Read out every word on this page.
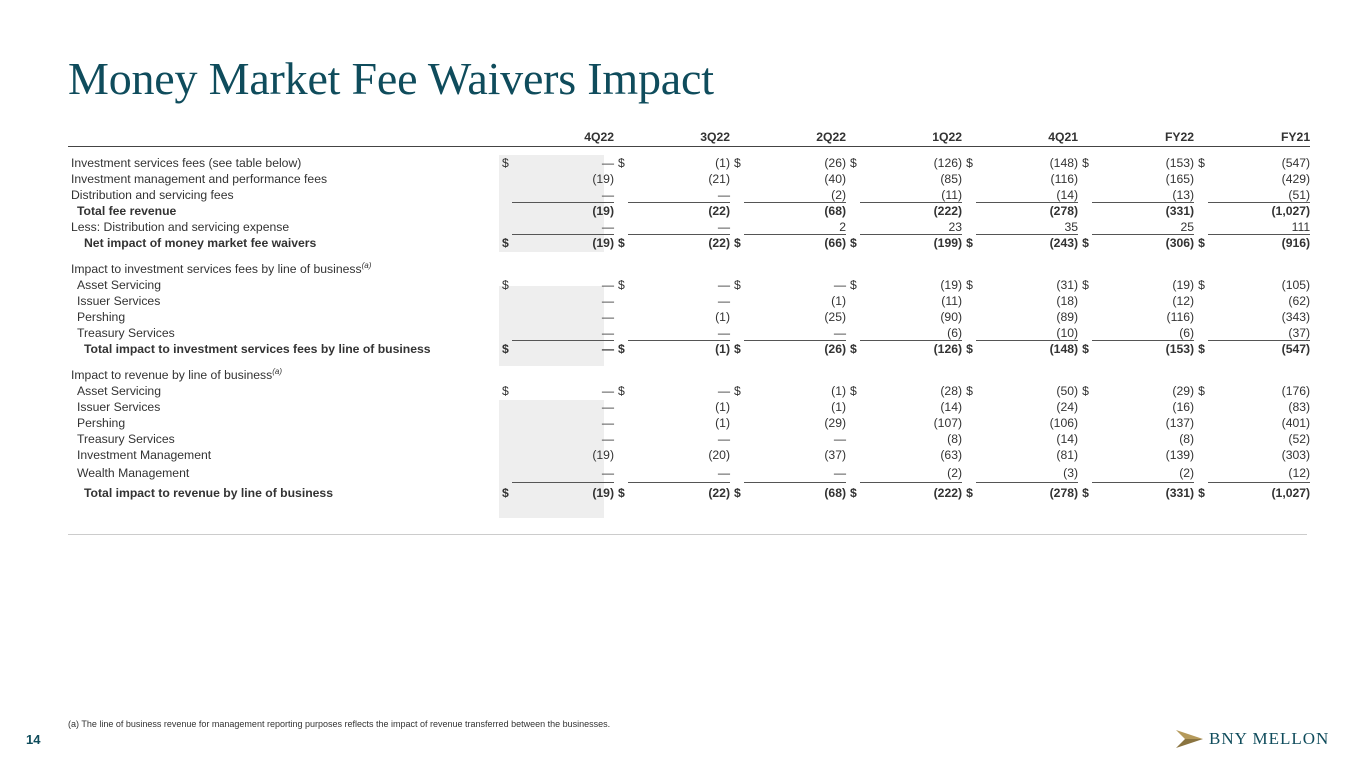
Money Market Fee Waivers Impact
	4Q22		3Q22		2Q22		1Q22		4Q21		FY22		FY21	

Investment services fees (see table below)	$	—	$	(1)	$	(26)	$	(126)	$	(148)	$	(153)	$	(547)
Investment management and performance fees		(19)		(21)		(40)		(85)		(116)		(165)		(429)
Distribution and servicing fees		—		—		(2)		(11)		(14)		(13)		(51)
Total fee revenue		(19)		(22)		(68)		(222)		(278)		(331)		(1,027)
Less: Distribution and servicing expense		—		—		2		23		35		25		111
Net impact of money market fee waivers	$	(19)	$	(22)	$	(66)	$	(199)	$	(243)	$	(306)	$	(916)

Impact to investment services fees by line of business$^{(a)}$
Asset Servicing	$	—	$	—	$	—	$	(19)	$	(31)	$	(19)	$	(105)
Issuer Services		—		—		(1)		(11)		(18)		(12)		(62)
Pershing		—		(1)		(25)		(90)		(89)		(116)		(343)
Treasury Services		—		—		—		(6)		(10)		(6)		(37)
Total impact to investment services fees by line of business	$	—	$	(1)	$	(26)	$	(126)	$	(148)	$	(153)	$	(547)

Impact to revenue by line of business$^{(a)}$
Asset Servicing	$	—	$	—	$	(1)	$	(28)	$	(50)	$	(29)	$	(176)
Issuer Services		—		(1)		(1)		(14)		(24)		(16)		(83)
Pershing		—		(1)		(29)		(107)		(106)		(137)		(401)
Treasury Services		—		—		—		(8)		(14)		(8)		(52)
Investment Management		(19)		(20)		(37)		(63)		(81)		(139)		(303)
Wealth Management		—		—		—		(2)		(3)		(2)		(12)
Total impact to revenue by line of business	$	(19)	$	(22)	$	(68)	$	(222)	$	(278)	$	(331)	$	(1,027)
(a) The line of business revenue for management reporting purposes reflects the impact of revenue transferred between the businesses.
14	BNY MELLON
